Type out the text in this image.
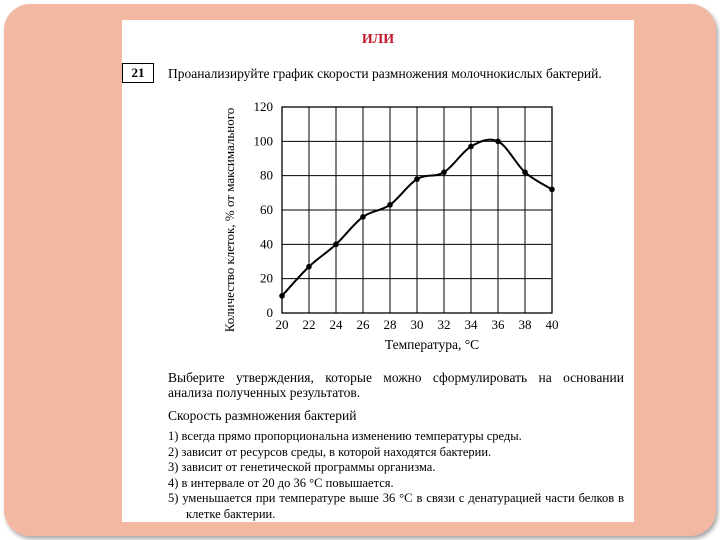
ИЛИ
21	Проанализируйте график скорости размножения молочнокислых бактерий.
20 22 24 26 28 30 32 34 36 38 40
0
20
40
60
80
100
120
Количество клеток, % от максимального
Температура, °С
Выберите утверждения, которые можно сформулировать на основании анализа полученных результатов.
Скорость размножения бактерий
1) всегда прямо пропорциональна изменению температуры среды.
2) зависит от ресурсов среды, в которой находятся бактерии.
3) зависит от генетической программы организма.
4) в интервале от 20 до 36 °С повышается.
5) уменьшается при температуре выше 36 °С в связи с денатурацией части белков в клетке бактерии.
